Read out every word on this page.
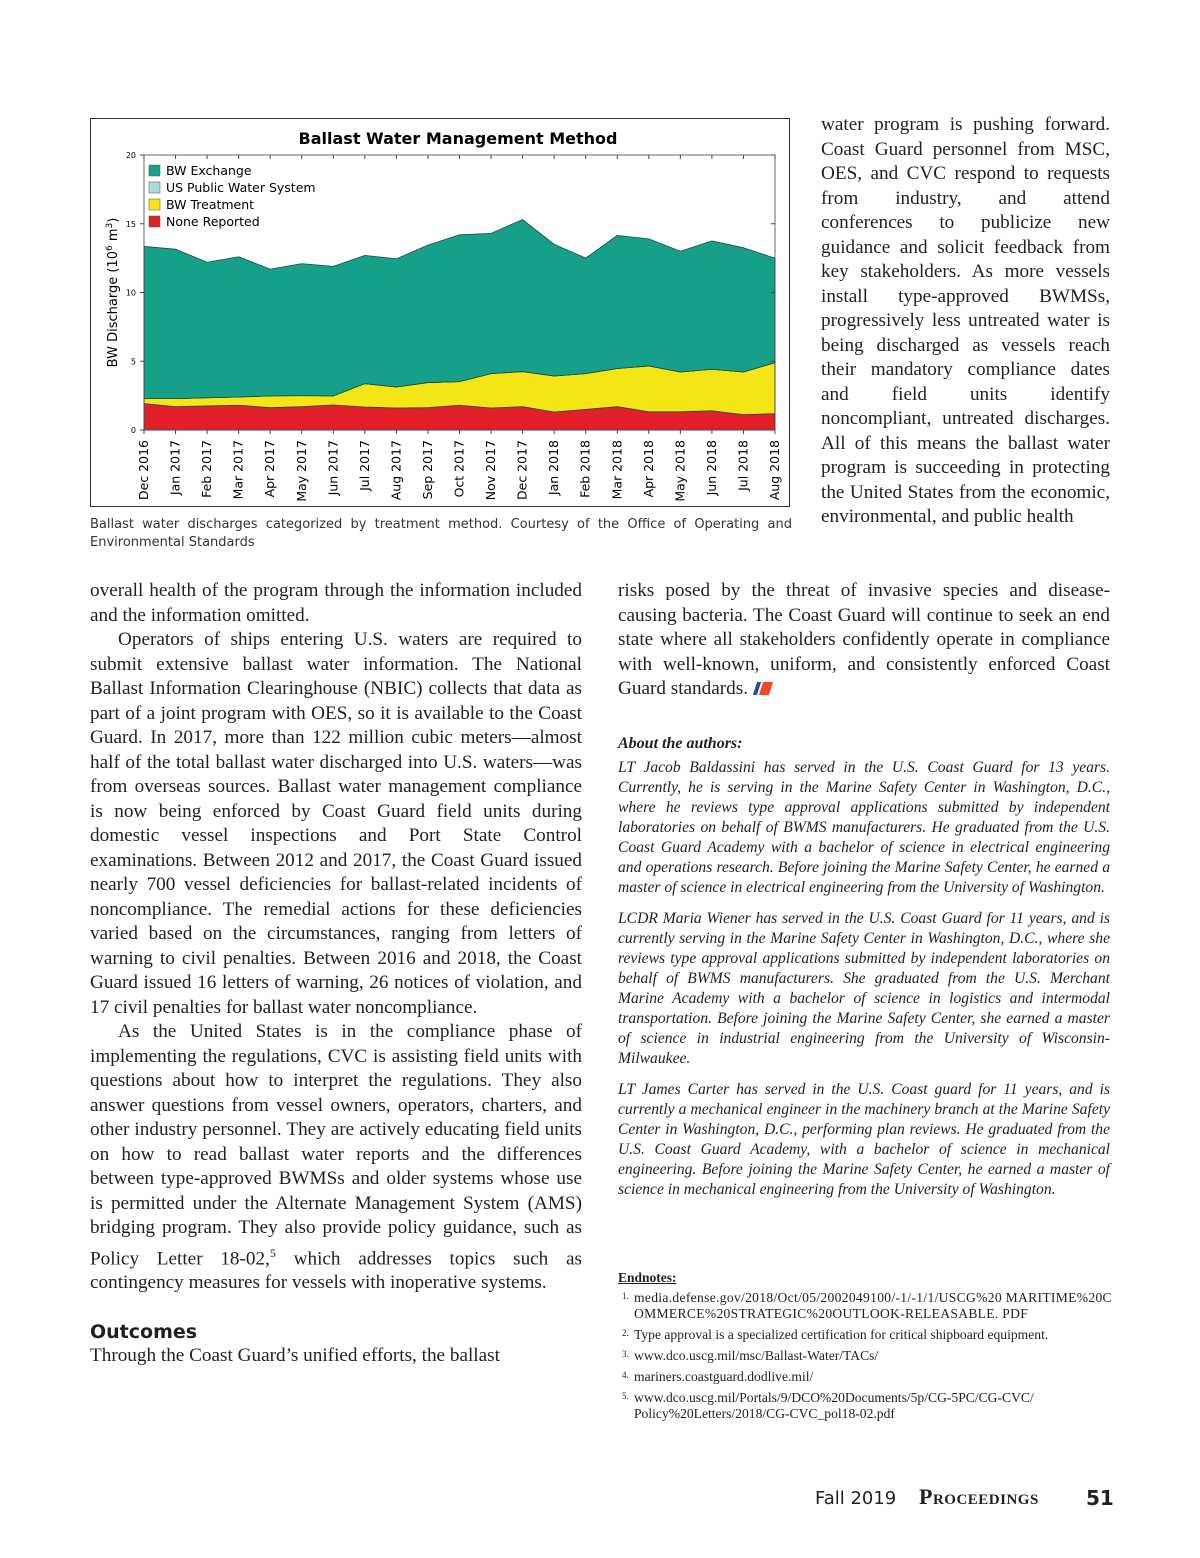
Ballast Water Management Method
0
5
10
15
20
Dec 2016 Jan 2017 Feb 2017 Mar 2017 Apr 2017 May 2017 Jun 2017 Jul 2017 Aug 2017 Sep 2017 Oct 2017 Nov 2017 Dec 2017 Jan 2018 Feb 2018 Mar 2018 Apr 2018 May 2018 Jun 2018 Jul 2018 Aug 2018
BW Discharge ($10^6$ $m^3$)
BW Exchange
US Public Water System
BW Treatment
None Reported
Ballast water discharges categorized by treatment method. Courtesy of the Office of Operating and Environmental Standards

water program is pushing forward. Coast Guard personnel from MSC, OES, and CVC respond to requests from industry, and attend conferences to publicize new guidance and solicit feedback from key stakeholders. As more vessels install type-approved BWMSs, progressively less untreated water is being discharged as vessels reach their mandatory compliance dates and field units identify noncompliant, untreated discharges. All of this means the ballast water program is succeeding in protecting the United States from the economic, environmental, and public health

overall health of the program through the information included and the information omitted.

Operators of ships entering U.S. waters are required to submit extensive ballast water information. The National Ballast Information Clearinghouse (NBIC) collects that data as part of a joint program with OES, so it is available to the Coast Guard. In 2017, more than 122 million cubic meters—almost half of the total ballast water discharged into U.S. waters—was from overseas sources. Ballast water management compliance is now being enforced by Coast Guard field units during domestic vessel inspections and Port State Control examinations. Between 2012 and 2017, the Coast Guard issued nearly 700 vessel deficiencies for ballast-related incidents of noncompliance. The remedial actions for these deficiencies varied based on the circumstances, ranging from letters of warning to civil penalties. Between 2016 and 2018, the Coast Guard issued 16 letters of warning, 26 notices of violation, and 17 civil penalties for ballast water noncompliance.

As the United States is in the compliance phase of implementing the regulations, CVC is assisting field units with questions about how to interpret the regulations. They also answer questions from vessel owners, operators, charters, and other industry personnel. They are actively educating field units on how to read ballast water reports and the differences between type-approved BWMSs and older systems whose use is permitted under the Alternate Management System (AMS) bridging program. They also provide policy guidance, such as Policy Letter 18-02,$^5$ which addresses topics such as contingency measures for vessels with inoperative systems.

Outcomes

Through the Coast Guard’s unified efforts, the ballast

risks posed by the threat of invasive species and disease-causing bacteria. The Coast Guard will continue to seek an end state where all stakeholders confidently operate in compliance with well-known, uniform, and consistently enforced Coast Guard standards.

About the authors:

LT Jacob Baldassini has served in the U.S. Coast Guard for 13 years. Currently, he is serving in the Marine Safety Center in Washington, D.C., where he reviews type approval applications submitted by independent laboratories on behalf of BWMS manufacturers. He graduated from the U.S. Coast Guard Academy with a bachelor of science in electrical engineering and operations research. Before joining the Marine Safety Center, he earned a master of science in electrical engineering from the University of Washington.

LCDR Maria Wiener has served in the U.S. Coast Guard for 11 years, and is currently serving in the Marine Safety Center in Washington, D.C., where she reviews type approval applications submitted by independent laboratories on behalf of BWMS manufacturers. She graduated from the U.S. Merchant Marine Academy with a bachelor of science in logistics and intermodal transportation. Before joining the Marine Safety Center, she earned a master of science in industrial engineering from the University of Wisconsin-Milwaukee.

LT James Carter has served in the U.S. Coast guard for 11 years, and is currently a mechanical engineer in the machinery branch at the Marine Safety Center in Washington, D.C., performing plan reviews. He graduated from the U.S. Coast Guard Academy, with a bachelor of science in mechanical engineering. Before joining the Marine Safety Center, he earned a master of science in mechanical engineering from the University of Washington.

Endnotes:
1. media.defense.gov/2018/Oct/05/2002049100/-1/-1/1/USCG%20 MARITIME%20COMMERCE%20STRATEGIC%20OUTLOOK-RELEASABLE. PDF
2. Type approval is a specialized certification for critical shipboard equipment.
3. www.dco.uscg.mil/msc/Ballast-Water/TACs/
4. mariners.coastguard.dodlive.mil/
5. www.dco.uscg.mil/Portals/9/DCO%20Documents/5p/CG-5PC/CG-CVC/ Policy%20Letters/2018/CG-CVC_pol18-02.pdf
Fall 2019 Proceedings 51
